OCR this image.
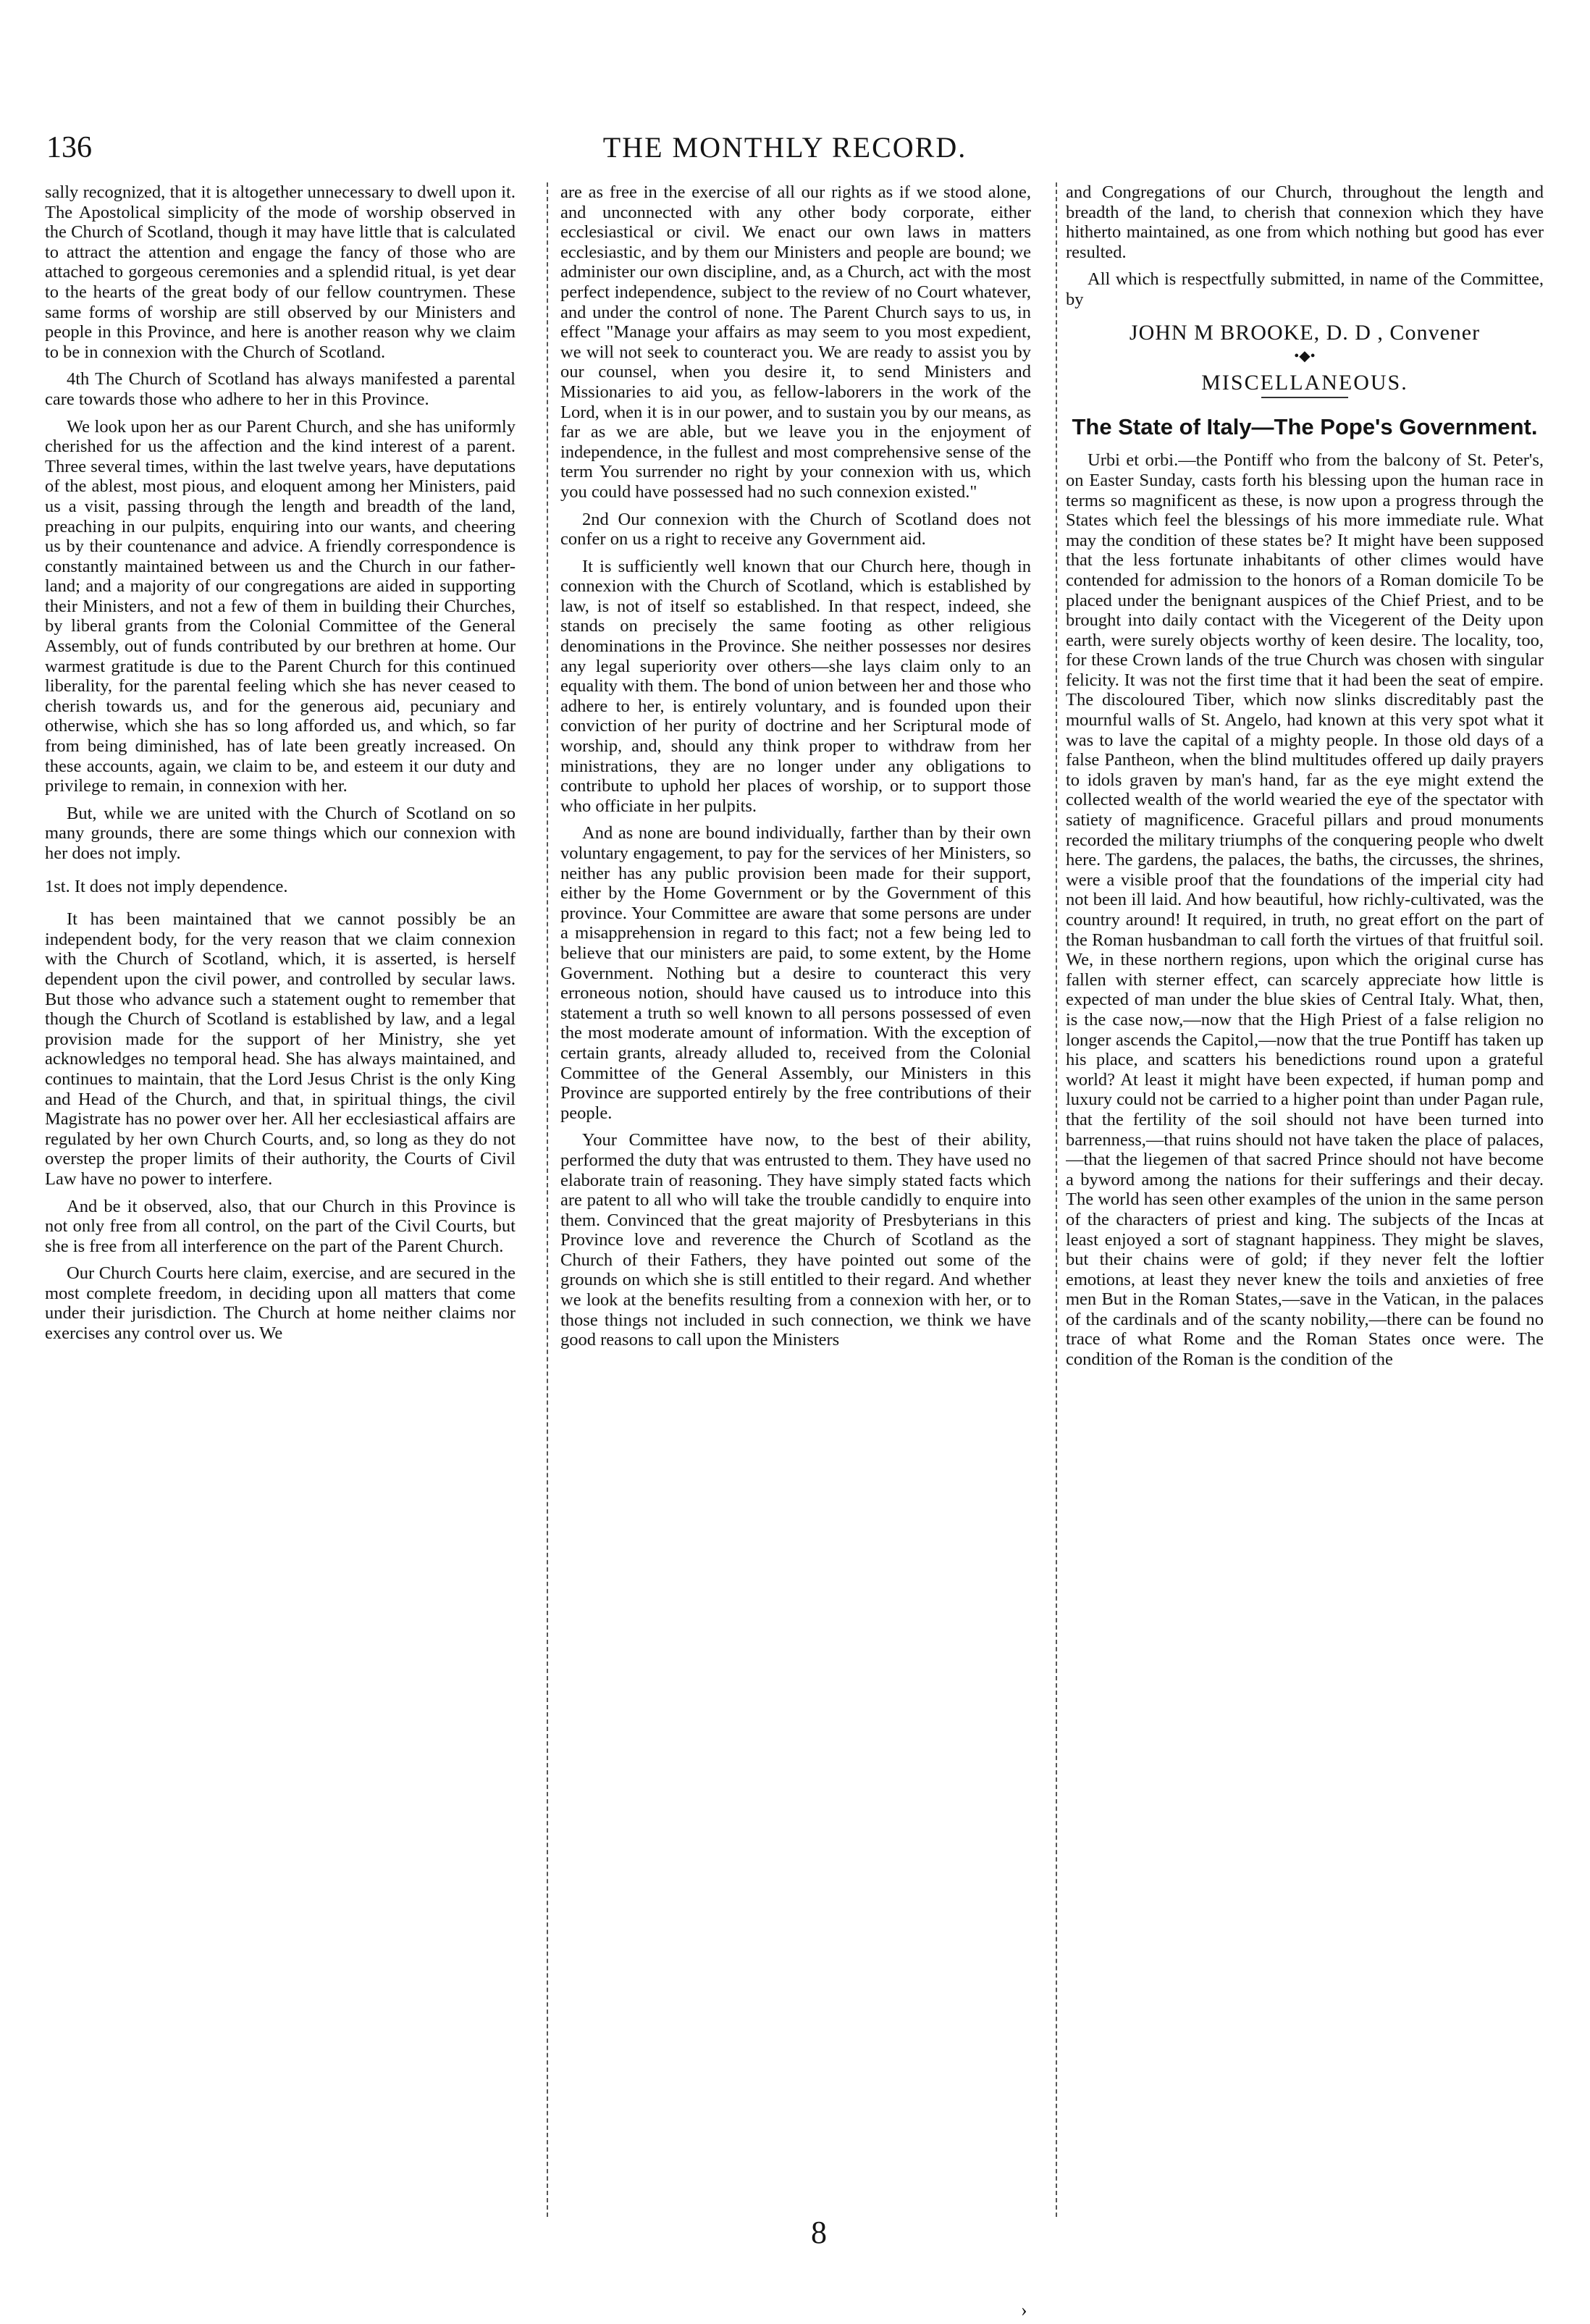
136	THE MONTHLY RECORD.

sally recognized, that it is altogether unnecessary to dwell upon it. The Apostolical simplicity of the mode of worship observed in the Church of Scotland, though it may have little that is calculated to attract the attention and engage the fancy of those who are attached to gorgeous ceremonies and a splendid ritual, is yet dear to the hearts of the great body of our fellow countrymen. These same forms of worship are still observed by our Ministers and people in this Province, and here is another reason why we claim to be in connexion with the Church of Scotland.

4th The Church of Scotland has always manifested a parental care towards those who adhere to her in this Province.

We look upon her as our Parent Church, and she has uniformly cherished for us the affection and the kind interest of a parent. Three several times, within the last twelve years, have deputations of the ablest, most pious, and eloquent among her Ministers, paid us a visit, passing through the length and breadth of the land, preaching in our pulpits, enquiring into our wants, and cheering us by their countenance and advice. A friendly correspondence is constantly maintained between us and the Church in our father-land; and a majority of our congregations are aided in supporting their Ministers, and not a few of them in building their Churches, by liberal grants from the Colonial Committee of the General Assembly, out of funds contributed by our brethren at home. Our warmest gratitude is due to the Parent Church for this continued liberality, for the parental feeling which she has never ceased to cherish towards us, and for the generous aid, pecuniary and otherwise, which she has so long afforded us, and which, so far from being diminished, has of late been greatly increased. On these accounts, again, we claim to be, and esteem it our duty and privilege to remain, in connexion with her.

But, while we are united with the Church of Scotland on so many grounds, there are some things which our connexion with her does not imply.

1st. It does not imply dependence.

It has been maintained that we cannot possibly be an independent body, for the very reason that we claim connexion with the Church of Scotland, which, it is asserted, is herself dependent upon the civil power, and controlled by secular laws. But those who advance such a statement ought to remember that though the Church of Scotland is established by law, and a legal provision made for the support of her Ministry, she yet acknowledges no temporal head. She has always maintained, and continues to maintain, that the Lord Jesus Christ is the only King and Head of the Church, and that, in spiritual things, the civil Magistrate has no power over her. All her ecclesiastical affairs are regulated by her own Church Courts, and, so long as they do not overstep the proper limits of their authority, the Courts of Civil Law have no power to interfere.

And be it observed, also, that our Church in this Province is not only free from all control, on the part of the Civil Courts, but she is free from all interference on the part of the Parent Church.

Our Church Courts here claim, exercise, and are secured in the most complete freedom, in deciding upon all matters that come under their jurisdiction. The Church at home neither claims nor exercises any control over us. We

are as free in the exercise of all our rights as if we stood alone, and unconnected with any other body corporate, either ecclesiastical or civil. We enact our own laws in matters ecclesiastic, and by them our Ministers and people are bound; we administer our own discipline, and, as a Church, act with the most perfect independence, subject to the review of no Court whatever, and under the control of none. The Parent Church says to us, in effect "Manage your affairs as may seem to you most expedient, we will not seek to counteract you. We are ready to assist you by our counsel, when you desire it, to send Ministers and Missionaries to aid you, as fellow-laborers in the work of the Lord, when it is in our power, and to sustain you by our means, as far as we are able, but we leave you in the enjoyment of independence, in the fullest and most comprehensive sense of the term You surrender no right by your connexion with us, which you could have possessed had no such connexion existed."

2nd Our connexion with the Church of Scotland does not confer on us a right to receive any Government aid.

It is sufficiently well known that our Church here, though in connexion with the Church of Scotland, which is established by law, is not of itself so established. In that respect, indeed, she stands on precisely the same footing as other religious denominations in the Province. She neither possesses nor desires any legal superiority over others—she lays claim only to an equality with them. The bond of union between her and those who adhere to her, is entirely voluntary, and is founded upon their conviction of her purity of doctrine and her Scriptural mode of worship, and, should any think proper to withdraw from her ministrations, they are no longer under any obligations to contribute to uphold her places of worship, or to support those who officiate in her pulpits.

And as none are bound individually, farther than by their own voluntary engagement, to pay for the services of her Ministers, so neither has any public provision been made for their support, either by the Home Government or by the Government of this province. Your Committee are aware that some persons are under a misapprehension in regard to this fact; not a few being led to believe that our ministers are paid, to some extent, by the Home Government. Nothing but a desire to counteract this very erroneous notion, should have caused us to introduce into this statement a truth so well known to all persons possessed of even the most moderate amount of information. With the exception of certain grants, already alluded to, received from the Colonial Committee of the General Assembly, our Ministers in this Province are supported entirely by the free contributions of their people.

Your Committee have now, to the best of their ability, performed the duty that was entrusted to them. They have used no elaborate train of reasoning. They have simply stated facts which are patent to all who will take the trouble candidly to enquire into them. Convinced that the great majority of Presbyterians in this Province love and reverence the Church of Scotland as the Church of their Fathers, they have pointed out some of the grounds on which she is still entitled to their regard. And whether we look at the benefits resulting from a connexion with her, or to those things not included in such connection, we think we have good reasons to call upon the Ministers

and Congregations of our Church, throughout the length and breadth of the land, to cherish that connexion which they have hitherto maintained, as one from which nothing but good has ever resulted.

All which is respectfully submitted, in name of the Committee, by

JOHN M BROOKE, D. D , Convener

•◆•

MISCELLANEOUS.

The State of Italy—The Pope's Government.

Urbi et orbi.—the Pontiff who from the balcony of St. Peter's, on Easter Sunday, casts forth his blessing upon the human race in terms so magnificent as these, is now upon a progress through the States which feel the blessings of his more immediate rule. What may the condition of these states be? It might have been supposed that the less fortunate inhabitants of other climes would have contended for admission to the honors of a Roman domicile To be placed under the benignant auspices of the Chief Priest, and to be brought into daily contact with the Vicegerent of the Deity upon earth, were surely objects worthy of keen desire. The locality, too, for these Crown lands of the true Church was chosen with singular felicity. It was not the first time that it had been the seat of empire. The discoloured Tiber, which now slinks discreditably past the mournful walls of St. Angelo, had known at this very spot what it was to lave the capital of a mighty people. In those old days of a false Pantheon, when the blind multitudes offered up daily prayers to idols graven by man's hand, far as the eye might extend the collected wealth of the world wearied the eye of the spectator with satiety of magnificence. Graceful pillars and proud monuments recorded the military triumphs of the conquering people who dwelt here. The gardens, the palaces, the baths, the circusses, the shrines, were a visible proof that the foundations of the imperial city had not been ill laid. And how beautiful, how richly-cultivated, was the country around! It required, in truth, no great effort on the part of the Roman husbandman to call forth the virtues of that fruitful soil. We, in these northern regions, upon which the original curse has fallen with sterner effect, can scarcely appreciate how little is expected of man under the blue skies of Central Italy. What, then, is the case now,—now that the High Priest of a false religion no longer ascends the Capitol,—now that the true Pontiff has taken up his place, and scatters his benedictions round upon a grateful world? At least it might have been expected, if human pomp and luxury could not be carried to a higher point than under Pagan rule, that the fertility of the soil should not have been turned into barrenness,—that ruins should not have taken the place of palaces,—that the liegemen of that sacred Prince should not have become a byword among the nations for their sufferings and their decay. The world has seen other examples of the union in the same person of the characters of priest and king. The subjects of the Incas at least enjoyed a sort of stagnant happiness. They might be slaves, but their chains were of gold; if they never felt the loftier emotions, at least they never knew the toils and anxieties of free men But in the Roman States,—save in the Vatican, in the palaces of the cardinals and of the scanty nobility,—there can be found no trace of what Rome and the Roman States once were. The condition of the Roman is the condition of the

8
›
